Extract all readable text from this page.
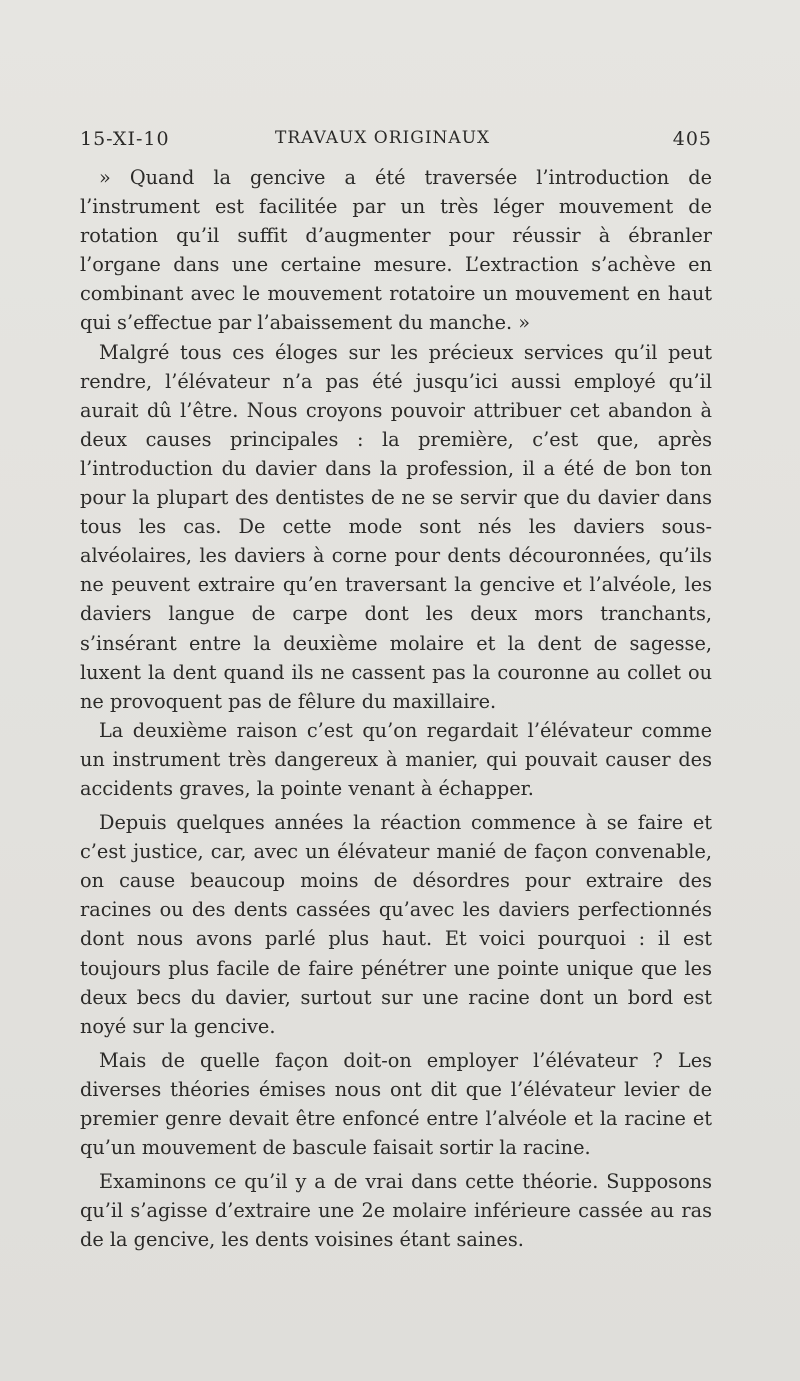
15-XI-10	TRAVAUX ORIGINAUX	405

» Quand la gencive a été traversée l’introduction de l’instrument est facilitée par un très léger mouvement de rotation qu’il suffit d’augmenter pour réussir à ébranler l’organe dans une certaine mesure. L’extraction s’achève en combinant avec le mouvement rotatoire un mouvement en haut qui s’effectue par l’abaissement du manche. »

Malgré tous ces éloges sur les précieux services qu’il peut rendre, l’élévateur n’a pas été jusqu’ici aussi employé qu’il aurait dû l’être. Nous croyons pouvoir attribuer cet abandon à deux causes principales : la première, c’est que, après l’introduction du davier dans la profession, il a été de bon ton pour la plupart des dentistes de ne se servir que du davier dans tous les cas. De cette mode sont nés les daviers sous-alvéolaires, les daviers à corne pour dents découronnées, qu’ils ne peuvent extraire qu’en traversant la gencive et l’alvéole, les daviers langue de carpe dont les deux mors tranchants, s’insérant entre la deuxième molaire et la dent de sagesse, luxent la dent quand ils ne cassent pas la couronne au collet ou ne provoquent pas de fêlure du maxillaire.

La deuxième raison c’est qu’on regardait l’élévateur comme un instrument très dangereux à manier, qui pouvait causer des accidents graves, la pointe venant à échapper.

Depuis quelques années la réaction commence à se faire et c’est justice, car, avec un élévateur manié de façon convenable, on cause beaucoup moins de désordres pour extraire des racines ou des dents cassées qu’avec les daviers perfectionnés dont nous avons parlé plus haut. Et voici pourquoi : il est toujours plus facile de faire pénétrer une pointe unique que les deux becs du davier, surtout sur une racine dont un bord est noyé sur la gencive.

Mais de quelle façon doit-on employer l’élévateur ? Les diverses théories émises nous ont dit que l’élévateur levier de premier genre devait être enfoncé entre l’alvéole et la racine et qu’un mouvement de bascule faisait sortir la racine.

Examinons ce qu’il y a de vrai dans cette théorie. Supposons qu’il s’agisse d’extraire une 2e molaire inférieure cassée au ras de la gencive, les dents voisines étant saines.
